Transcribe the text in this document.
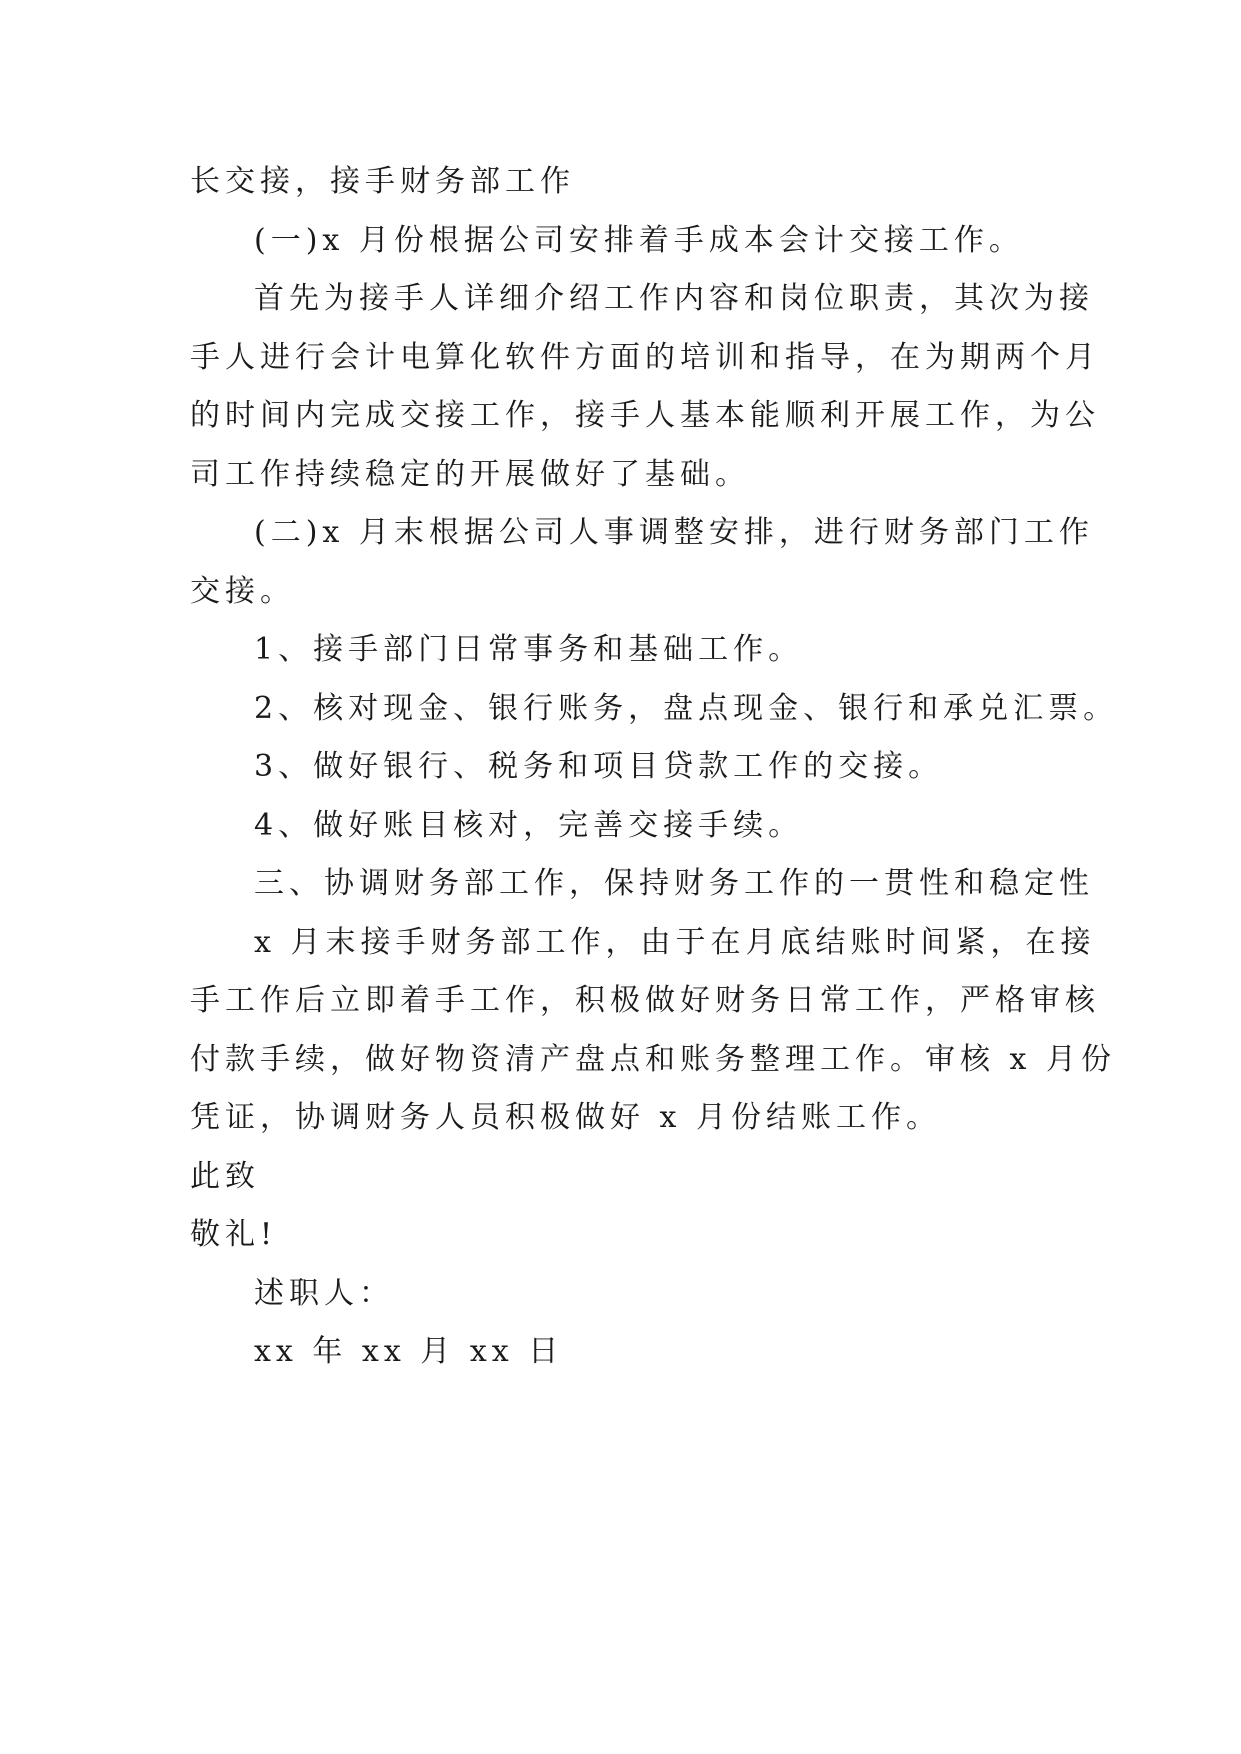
长交接，接手财务部工作
(一)x 月份根据公司安排着手成本会计交接工作。
首先为接手人详细介绍工作内容和岗位职责，其次为接
手人进行会计电算化软件方面的培训和指导，在为期两个月
的时间内完成交接工作，接手人基本能顺利开展工作，为公
司工作持续稳定的开展做好了基础。
(二)x 月末根据公司人事调整安排，进行财务部门工作
交接。
1、接手部门日常事务和基础工作。
2、核对现金、银行账务，盘点现金、银行和承兑汇票。
3、做好银行、税务和项目贷款工作的交接。
4、做好账目核对，完善交接手续。
三、协调财务部工作，保持财务工作的一贯性和稳定性
x 月末接手财务部工作，由于在月底结账时间紧，在接
手工作后立即着手工作，积极做好财务日常工作，严格审核
付款手续，做好物资清产盘点和账务整理工作。审核 x 月份
凭证，协调财务人员积极做好 x 月份结账工作。
此致
敬礼!
述职人：
xx 年 xx 月 xx 日
